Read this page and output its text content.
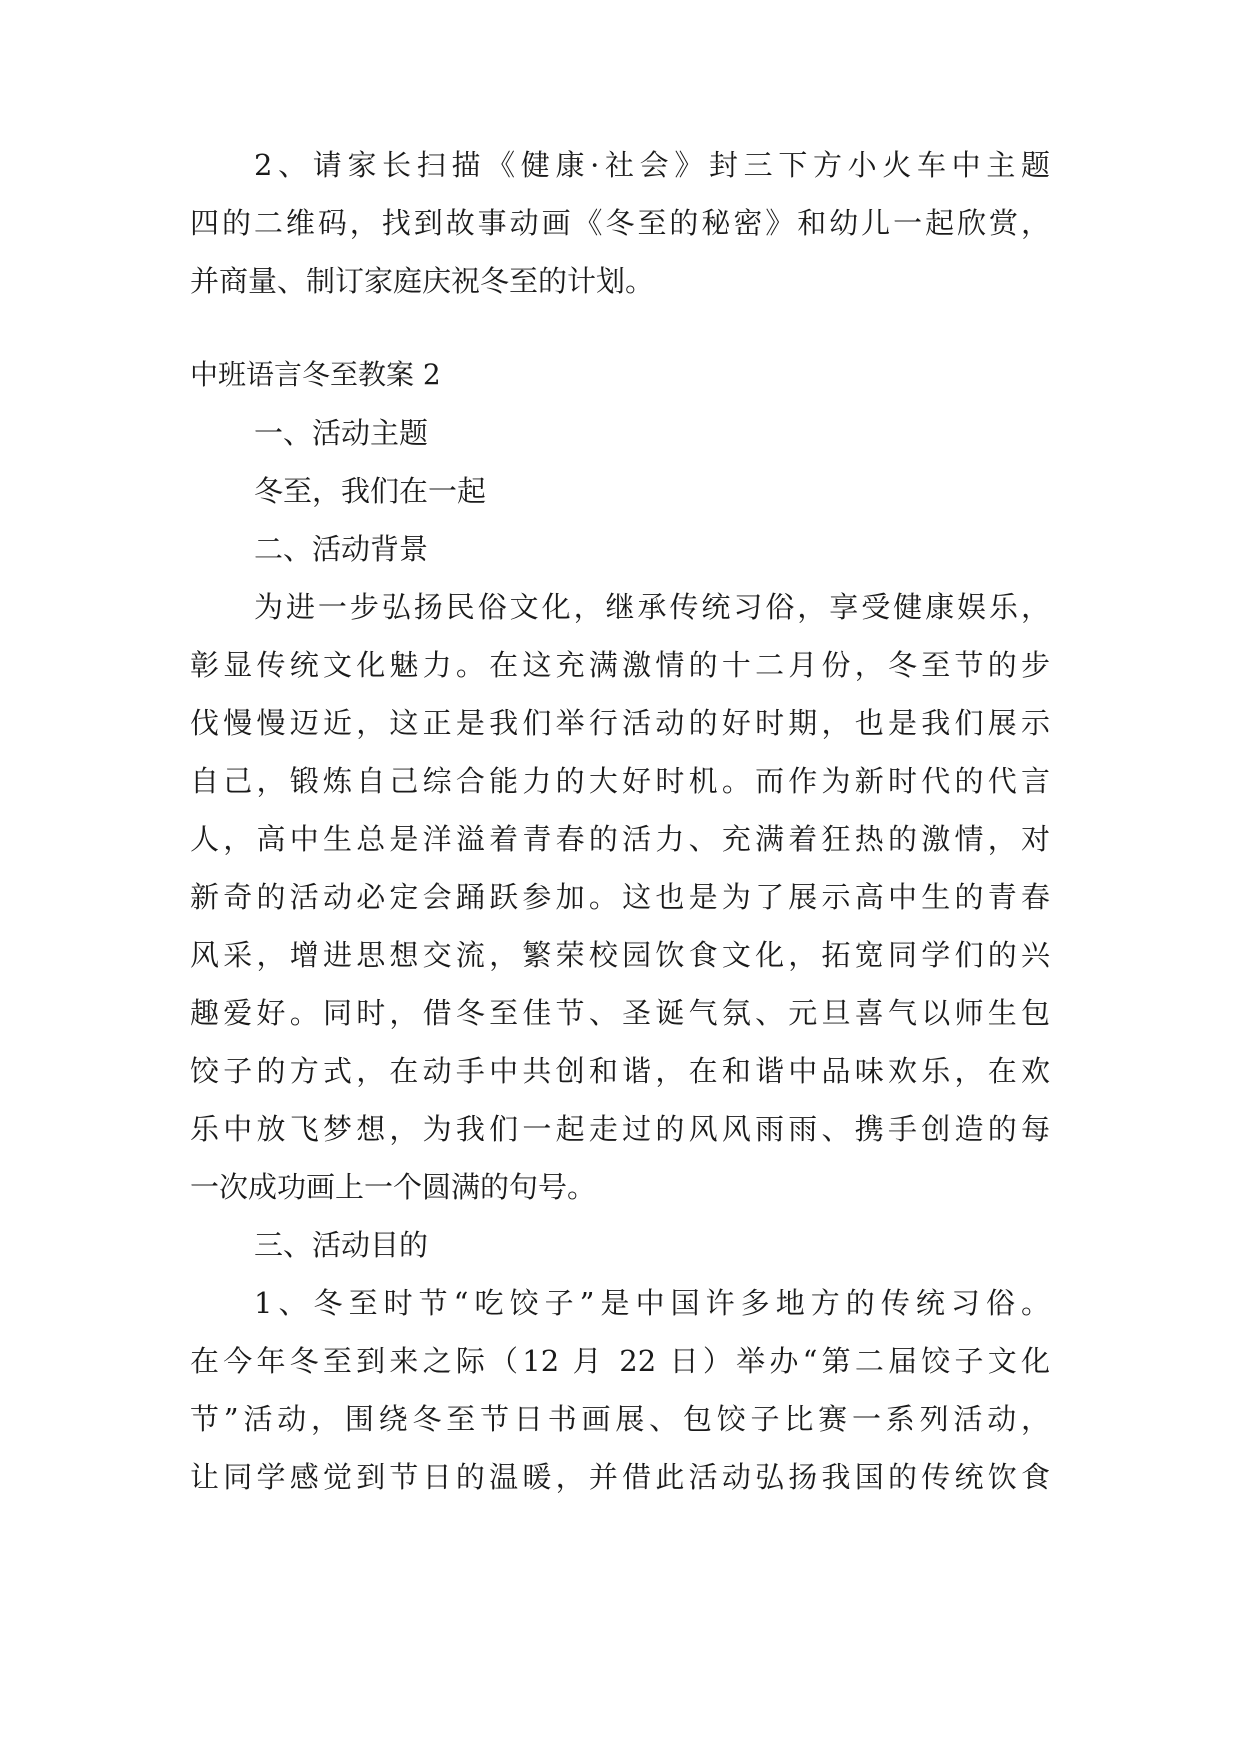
2、请家长扫描《健康·社会》封三下方小火车中主题
四的二维码，找到故事动画《冬至的秘密》和幼儿一起欣赏，
并商量、制订家庭庆祝冬至的计划。
中班语言冬至教案 2
一、活动主题
冬至，我们在一起
二、活动背景
为进一步弘扬民俗文化，继承传统习俗，享受健康娱乐，
彰显传统文化魅力。在这充满激情的十二月份，冬至节的步
伐慢慢迈近，这正是我们举行活动的好时期，也是我们展示
自己，锻炼自己综合能力的大好时机。而作为新时代的代言
人，高中生总是洋溢着青春的活力、充满着狂热的激情，对
新奇的活动必定会踊跃参加。这也是为了展示高中生的青春
风采，增进思想交流，繁荣校园饮食文化，拓宽同学们的兴
趣爱好。同时，借冬至佳节、圣诞气氛、元旦喜气以师生包
饺子的方式，在动手中共创和谐，在和谐中品味欢乐，在欢
乐中放飞梦想，为我们一起走过的风风雨雨、携手创造的每
一次成功画上一个圆满的句号。
三、活动目的
1、冬至时节“吃饺子”是中国许多地方的传统习俗。
在今年冬至到来之际（12 月 22 日）举办“第二届饺子文化
节”活动，围绕冬至节日书画展、包饺子比赛一系列活动，
让同学感觉到节日的温暖，并借此活动弘扬我国的传统饮食
